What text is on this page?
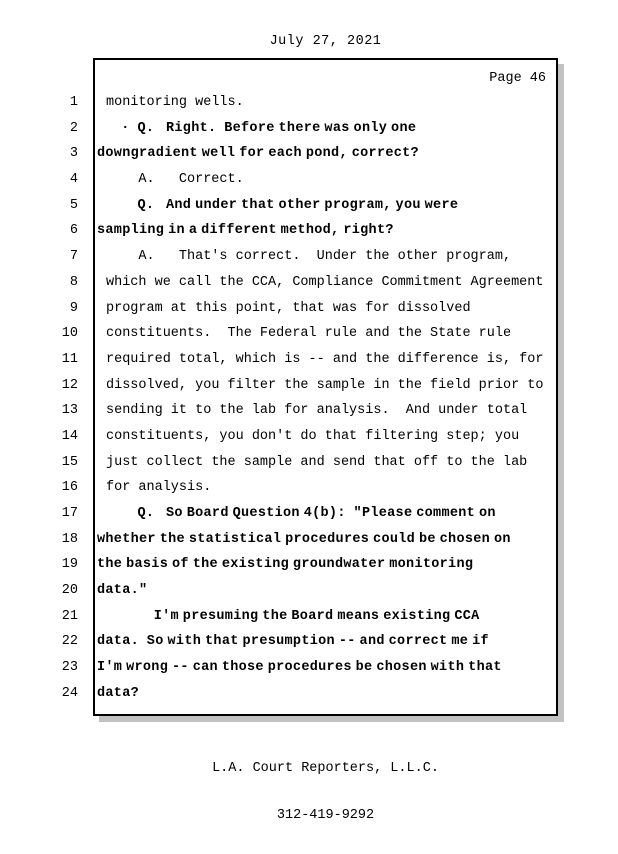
July 27, 2021
Page 46
1 monitoring wells.
2	·  Q.   Right.  Before there was only one
3 downgradient well for each pond, correct?
4	A.   Correct.
5	Q.   And under that other program, you were
6 sampling in a different method, right?
7	A.   That's correct.  Under the other program,
8 which we call the CCA, Compliance Commitment Agreement
9 program at this point, that was for dissolved
10 constituents.  The Federal rule and the State rule
11 required total, which is -- and the difference is, for
12 dissolved, you filter the sample in the field prior to
13 sending it to the lab for analysis.  And under total
14 constituents, you don't do that filtering step; you
15 just collect the sample and send that off to the lab
16 for analysis.
17	Q.   So Board Question 4(b):  "Please comment on
18 whether the statistical procedures could be chosen on
19 the basis of the existing groundwater monitoring
20 data."
21	I'm presuming the Board means existing CCA
22 data.  So with that presumption -- and correct me if
23 I'm wrong -- can those procedures be chosen with that
24 data?

L.A. Court Reporters, L.L.C.

312-419-9292
